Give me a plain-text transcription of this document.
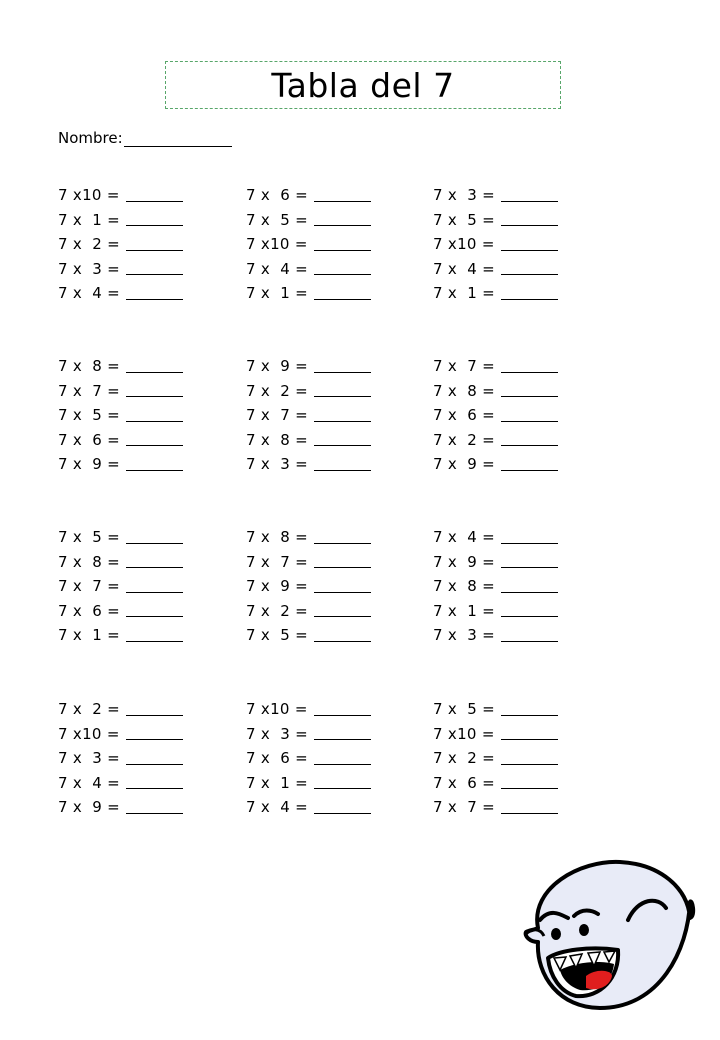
Tabla del 7
Nombre:
7 x10 =
7 x  1 =
7 x  2 =
7 x  3 =
7 x  4 =
7 x  6 =
7 x  5 =
7 x10 =
7 x  4 =
7 x  1 =
7 x  3 =
7 x  5 =
7 x10 =
7 x  4 =
7 x  1 =
7 x  8 =
7 x  7 =
7 x  5 =
7 x  6 =
7 x  9 =
7 x  9 =
7 x  2 =
7 x  7 =
7 x  8 =
7 x  3 =
7 x  7 =
7 x  8 =
7 x  6 =
7 x  2 =
7 x  9 =
7 x  5 =
7 x  8 =
7 x  7 =
7 x  6 =
7 x  1 =
7 x  8 =
7 x  7 =
7 x  9 =
7 x  2 =
7 x  5 =
7 x  4 =
7 x  9 =
7 x  8 =
7 x  1 =
7 x  3 =
7 x  2 =
7 x10 =
7 x  3 =
7 x  4 =
7 x  9 =
7 x10 =
7 x  3 =
7 x  6 =
7 x  1 =
7 x  4 =
7 x  5 =
7 x10 =
7 x  2 =
7 x  6 =
7 x  7 =
